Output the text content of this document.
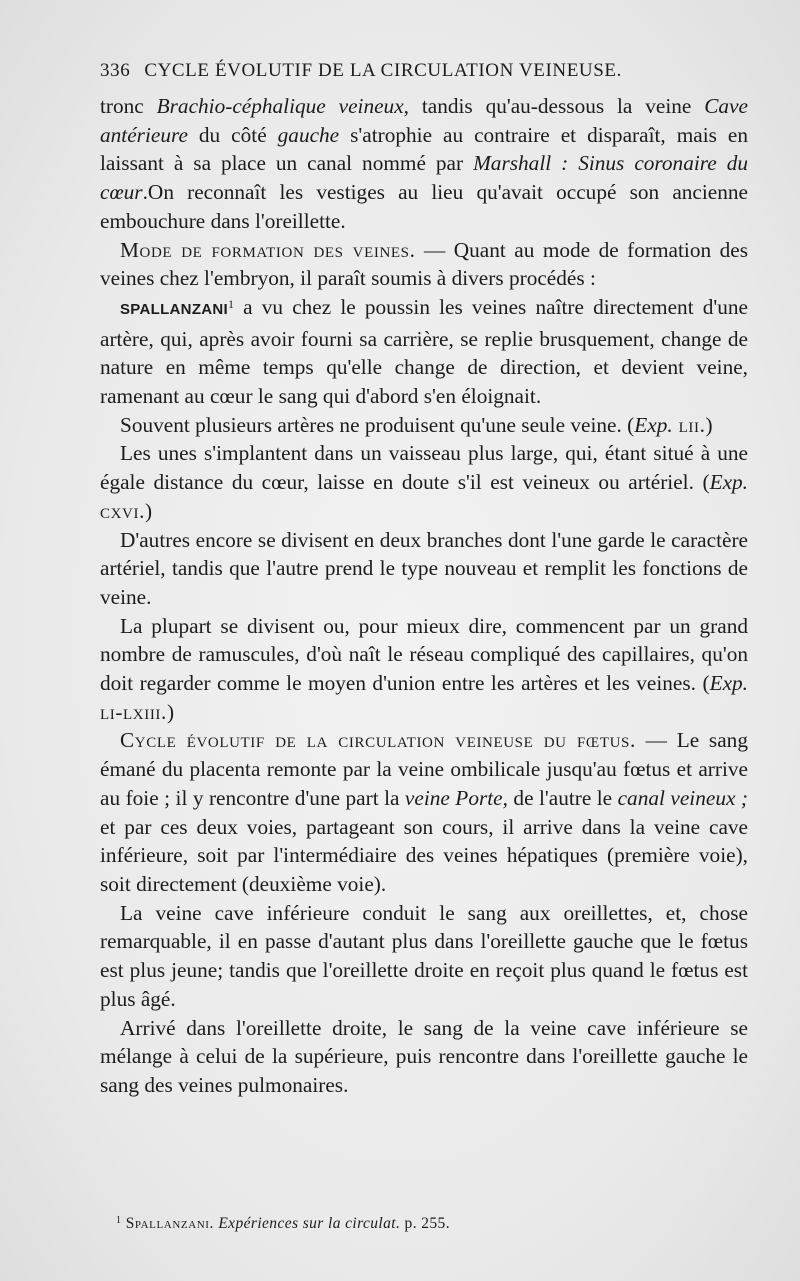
336 CYCLE ÉVOLUTIF DE LA CIRCULATION VEINEUSE.

tronc Brachio-céphalique veineux, tandis qu'au-dessous la veine Cave antérieure du côté gauche s'atrophie au contraire et disparaît, mais en laissant à sa place un canal nommé par Marshall : Sinus coronaire du cœur.On reconnaît les vestiges au lieu qu'avait occupé son ancienne embouchure dans l'oreillette.

Mode de formation des veines. — Quant au mode de formation des veines chez l'embryon, il paraît soumis à divers procédés :

SPALLANZANI$^1$ a vu chez le poussin les veines naître directement d'une artère, qui, après avoir fourni sa carrière, se replie brusquement, change de nature en même temps qu'elle change de direction, et devient veine, ramenant au cœur le sang qui d'abord s'en éloignait.

Souvent plusieurs artères ne produisent qu'une seule veine. (Exp. lii.)

Les unes s'implantent dans un vaisseau plus large, qui, étant situé à une égale distance du cœur, laisse en doute s'il est veineux ou artériel. (Exp. cxvi.)

D'autres encore se divisent en deux branches dont l'une garde le caractère artériel, tandis que l'autre prend le type nouveau et remplit les fonctions de veine.

La plupart se divisent ou, pour mieux dire, commencent par un grand nombre de ramuscules, d'où naît le réseau compliqué des capillaires, qu'on doit regarder comme le moyen d'union entre les artères et les veines. (Exp. li-lxiii.)

Cycle évolutif de la circulation veineuse du fœtus. — Le sang émané du placenta remonte par la veine ombilicale jusqu'au fœtus et arrive au foie ; il y rencontre d'une part la veine Porte, de l'autre le canal veineux ; et par ces deux voies, partageant son cours, il arrive dans la veine cave inférieure, soit par l'intermédiaire des veines hépatiques (première voie), soit directement (deuxième voie).

La veine cave inférieure conduit le sang aux oreillettes, et, chose remarquable, il en passe d'autant plus dans l'oreillette gauche que le fœtus est plus jeune; tandis que l'oreillette droite en reçoit plus quand le fœtus est plus âgé.

Arrivé dans l'oreillette droite, le sang de la veine cave inférieure se mélange à celui de la supérieure, puis rencontre dans l'oreillette gauche le sang des veines pulmonaires.

$^1$ Spallanzani. Expériences sur la circulat. p. 255.
